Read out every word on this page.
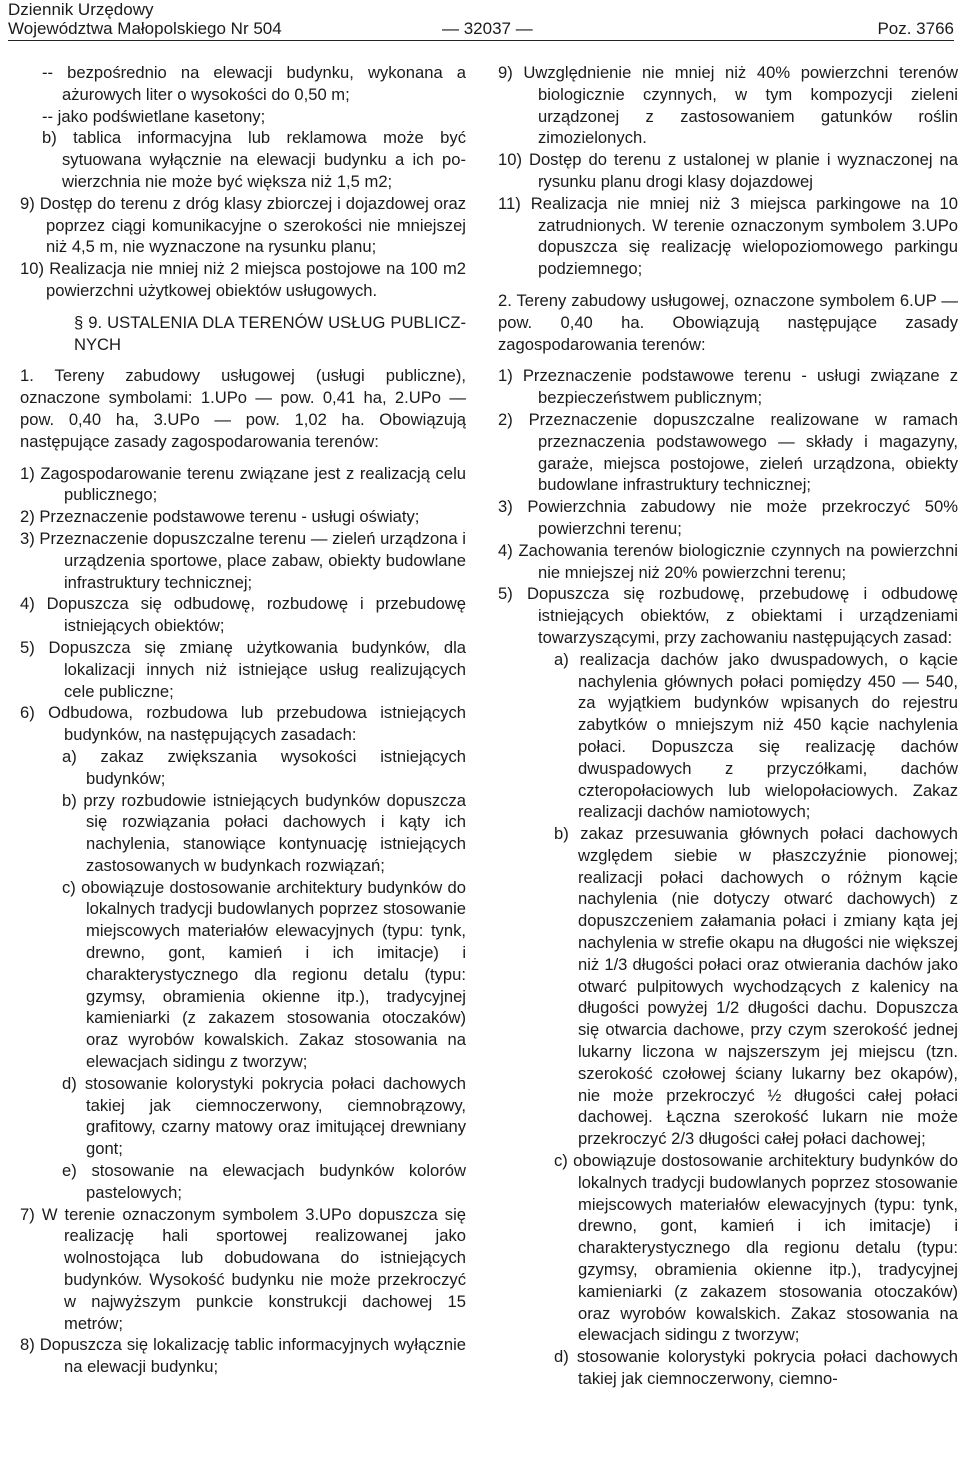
Dziennik Urzędowy
Województwa Małopolskiego Nr 504	— 32037 —	Poz. 3766
-- bezpośrednio na elewacji budynku, wykonana a ażurowych liter o wysokości do 0,50 m;
-- jako podświetlane kasetony;
b) tablica informacyjna lub reklamowa może być sytuowana wyłącznie na elewacji budynku a ich po-wierzchnia nie może być większa niż 1,5 m2;
9) Dostęp do terenu z dróg klasy zbiorczej i dojazdowej oraz poprzez ciągi komunikacyjne o szerokości nie mniejszej niż 4,5 m, nie wyznaczone na rysunku planu;
10) Realizacja nie mniej niż 2 miejsca postojowe na 100 m2 powierzchni użytkowej obiektów usługowych.
§ 9. USTALENIA DLA TERENÓW USŁUG PUBLICZ-NYCH
1. Tereny zabudowy usługowej (usługi publiczne), oznaczone symbolami: 1.UPo — pow. 0,41 ha, 2.UPo — pow. 0,40 ha, 3.UPo — pow. 1,02 ha. Obowiązują następujące zasady zagospodarowania terenów:
1) Zagospodarowanie terenu związane jest z realizacją celu publicznego;
2) Przeznaczenie podstawowe terenu - usługi oświaty;
3) Przeznaczenie dopuszczalne terenu — zieleń urządzona i urządzenia sportowe, place zabaw, obiekty budowlane infrastruktury technicznej;
4) Dopuszcza się odbudowę, rozbudowę i przebudowę istniejących obiektów;
5) Dopuszcza się zmianę użytkowania budynków, dla lokalizacji innych niż istniejące usług realizujących cele publiczne;
6) Odbudowa, rozbudowa lub przebudowa istniejących budynków, na następujących zasadach:
a) zakaz zwiększania wysokości istniejących budynków;
b) przy rozbudowie istniejących budynków dopuszcza się rozwiązania połaci dachowych i kąty ich nachylenia, stanowiące kontynuację istniejących zastosowanych w budynkach rozwiązań;
c) obowiązuje dostosowanie architektury budynków do lokalnych tradycji budowlanych poprzez stosowanie miejscowych materiałów elewacyjnych (typu: tynk, drewno, gont, kamień i ich imitacje) i charakterystycznego dla regionu detalu (typu: gzymsy, obramienia okienne itp.), tradycyjnej kamieniarki (z zakazem stosowania otoczaków) oraz wyrobów kowalskich. Zakaz stosowania na elewacjach sidingu z tworzyw;
d) stosowanie kolorystyki pokrycia połaci dachowych takiej jak ciemnoczerwony, ciemnobrązowy, grafitowy, czarny matowy oraz imitującej drewniany gont;
e) stosowanie na elewacjach budynków kolorów pastelowych;
7) W terenie oznaczonym symbolem 3.UPo dopuszcza się realizację hali sportowej realizowanej jako wolnostojąca lub dobudowana do istniejących budynków. Wysokość budynku nie może przekroczyć w najwyższym punkcie konstrukcji dachowej 15 metrów;
8) Dopuszcza się lokalizację tablic informacyjnych wyłącznie na elewacji budynku;
9) Uwzględnienie nie mniej niż 40% powierzchni terenów biologicznie czynnych, w tym kompozycji zieleni urządzonej z zastosowaniem gatunków roślin zimozielonych.
10) Dostęp do terenu z ustalonej w planie i wyznaczonej na rysunku planu drogi klasy dojazdowej
11) Realizacja nie mniej niż 3 miejsca parkingowe na 10 zatrudnionych. W terenie oznaczonym symbolem 3.UPo dopuszcza się realizację wielopoziomowego parkingu podziemnego;
2. Tereny zabudowy usługowej, oznaczone symbolem 6.UP — pow. 0,40 ha. Obowiązują następujące zasady zagospodarowania terenów:
1) Przeznaczenie podstawowe terenu - usługi związane z bezpieczeństwem publicznym;
2) Przeznaczenie dopuszczalne realizowane w ramach przeznaczenia podstawowego — składy i magazyny, garaże, miejsca postojowe, zieleń urządzona, obiekty budowlane infrastruktury technicznej;
3) Powierzchnia zabudowy nie może przekroczyć 50% powierzchni terenu;
4) Zachowania terenów biologicznie czynnych na powierzchni nie mniejszej niż 20% powierzchni terenu;
5) Dopuszcza się rozbudowę, przebudowę i odbudowę istniejących obiektów, z obiektami i urządzeniami towarzyszącymi, przy zachowaniu następujących zasad:
a) realizacja dachów jako dwuspadowych, o kącie nachylenia głównych połaci pomiędzy 450 — 540, za wyjątkiem budynków wpisanych do rejestru zabytków o mniejszym niż 450 kącie nachylenia połaci. Dopuszcza się realizację dachów dwuspadowych z przyczółkami, dachów czteropołaciowych lub wielopołaciowych. Zakaz realizacji dachów namiotowych;
b) zakaz przesuwania głównych połaci dachowych względem siebie w płaszczyźnie pionowej; realizacji połaci dachowych o różnym kącie nachylenia (nie dotyczy otwarć dachowych) z dopuszczeniem załamania połaci i zmiany kąta jej nachylenia w strefie okapu na długości nie większej niż 1/3 długości połaci oraz otwierania dachów jako otwarć pulpitowych wychodzących z kalenicy na długości powyżej 1/2 długości dachu. Dopuszcza się otwarcia dachowe, przy czym szerokość jednej lukarny liczona w najszerszym jej miejscu (tzn. szerokość czołowej ściany lukarny bez okapów), nie może przekroczyć ½ długości całej połaci dachowej. Łączna szerokość lukarn nie może przekroczyć 2/3 długości całej połaci dachowej;
c) obowiązuje dostosowanie architektury budynków do lokalnych tradycji budowlanych poprzez stosowanie miejscowych materiałów elewacyjnych (typu: tynk, drewno, gont, kamień i ich imitacje) i charakterystycznego dla regionu detalu (typu: gzymsy, obramienia okienne itp.), tradycyjnej kamieniarki (z zakazem stosowania otoczaków) oraz wyrobów kowalskich. Zakaz stosowania na elewacjach sidingu z tworzyw;
d) stosowanie kolorystyki pokrycia połaci dachowych takiej jak ciemnoczerwony, ciemno-
